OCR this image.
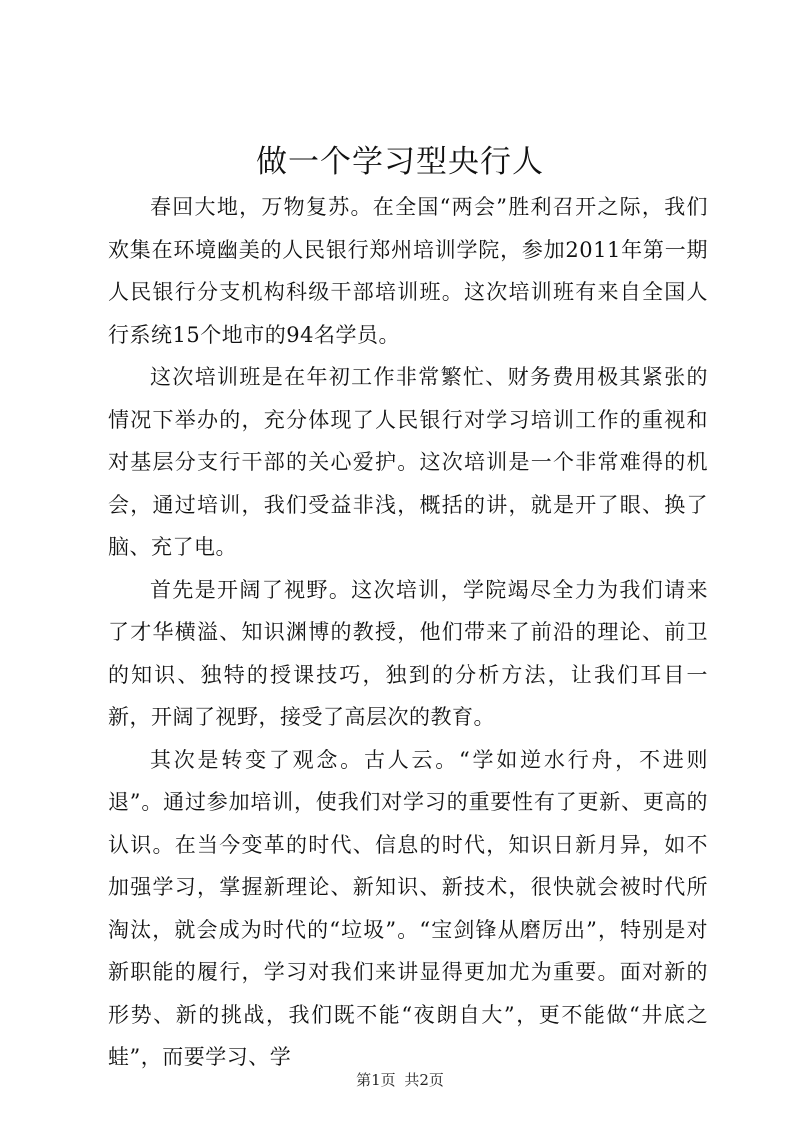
做一个学习型央行人

春回大地，万物复苏。在全国“两会”胜利召开之际，我们欢集在环境幽美的人民银行郑州培训学院，参加2011年第一期人民银行分支机构科级干部培训班。这次培训班有来自全国人行系统15个地市的94名学员。

这次培训班是在年初工作非常繁忙、财务费用极其紧张的情况下举办的，充分体现了人民银行对学习培训工作的重视和对基层分支行干部的关心爱护。这次培训是一个非常难得的机会，通过培训，我们受益非浅，概括的讲，就是开了眼、换了脑、充了电。

首先是开阔了视野。这次培训，学院竭尽全力为我们请来了才华横溢、知识渊博的教授，他们带来了前沿的理论、前卫的知识、独特的授课技巧，独到的分析方法，让我们耳目一新，开阔了视野，接受了高层次的教育。

其次是转变了观念。古人云。“学如逆水行舟，不进则退”。通过参加培训，使我们对学习的重要性有了更新、更高的认识。在当今变革的时代、信息的时代，知识日新月异，如不加强学习，掌握新理论、新知识、新技术，很快就会被时代所淘汰，就会成为时代的“垃圾”。“宝剑锋从磨厉出”，特别是对新职能的履行，学习对我们来讲显得更加尤为重要。面对新的形势、新的挑战，我们既不能“夜朗自大”，更不能做“井底之蛙”，而要学习、学

第1页 共2页
